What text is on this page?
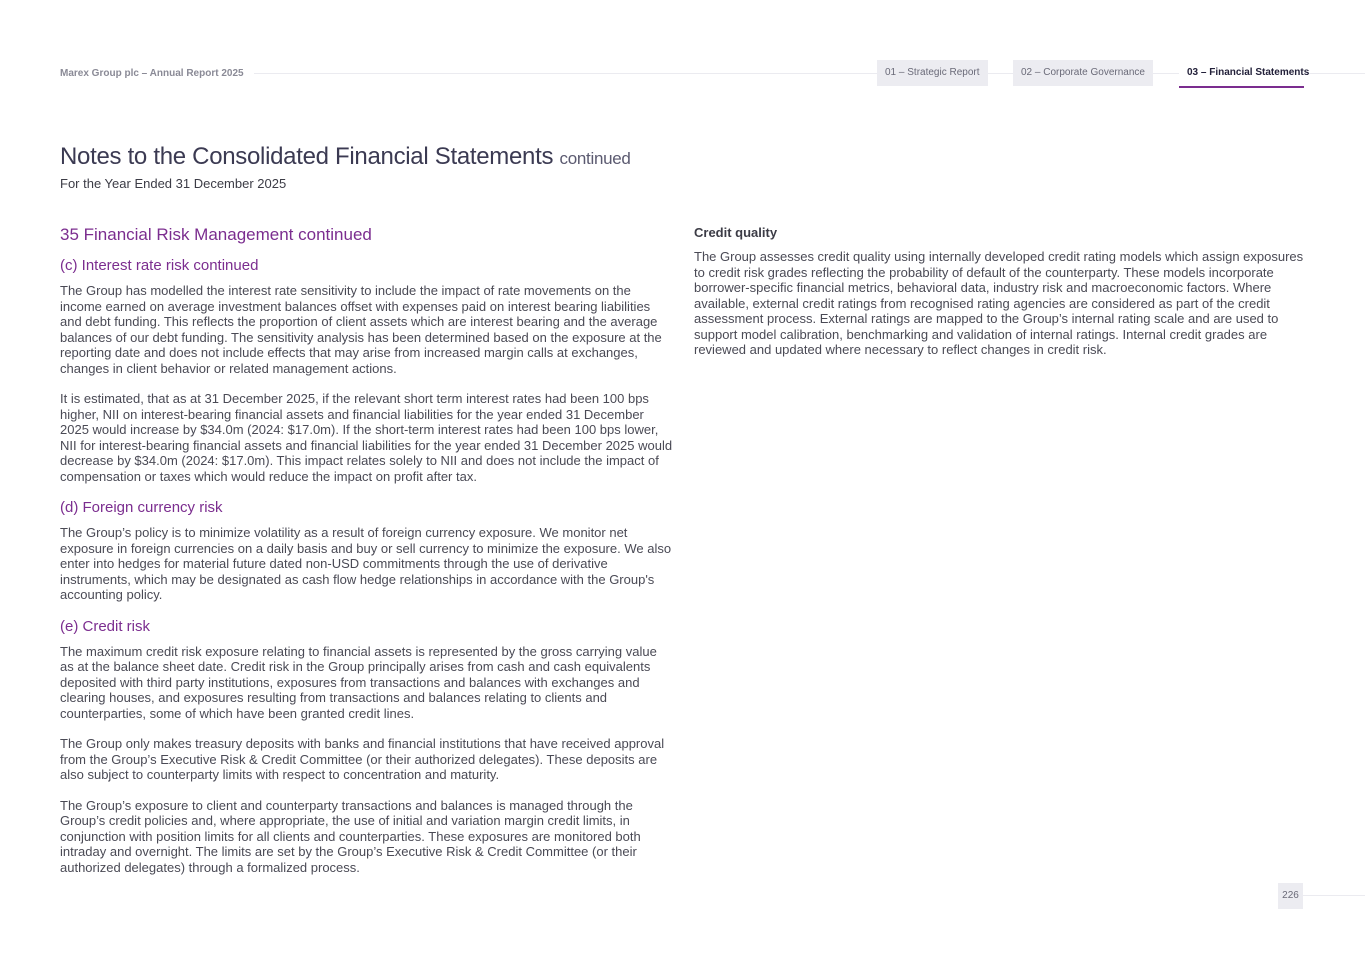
Marex Group plc – Annual Report 2025	01 – Strategic Report	02 – Corporate Governance	03 – Financial Statements
Notes to the Consolidated Financial Statements continued
For the Year Ended 31 December 2025
35 Financial Risk Management continued
(c) Interest rate risk continued

The Group has modelled the interest rate sensitivity to include the impact of rate movements on the income earned on average investment balances offset with expenses paid on interest bearing liabilities and debt funding. This reflects the proportion of client assets which are interest bearing and the average balances of our debt funding. The sensitivity analysis has been determined based on the exposure at the reporting date and does not include effects that may arise from increased margin calls at exchanges, changes in client behavior or related management actions.

It is estimated, that as at 31 December 2025, if the relevant short term interest rates had been 100 bps higher, NII on interest-bearing financial assets and financial liabilities for the year ended 31 December 2025 would increase by $34.0m (2024: $17.0m). If the short-term interest rates had been 100 bps lower, NII for interest-bearing financial assets and financial liabilities for the year ended 31 December 2025 would decrease by $34.0m (2024: $17.0m). This impact relates solely to NII and does not include the impact of compensation or taxes which would reduce the impact on profit after tax.

(d) Foreign currency risk

The Group’s policy is to minimize volatility as a result of foreign currency exposure. We monitor net exposure in foreign currencies on a daily basis and buy or sell currency to minimize the exposure. We also enter into hedges for material future dated non-USD commitments through the use of derivative instruments, which may be designated as cash flow hedge relationships in accordance with the Group's accounting policy.

(e) Credit risk

The maximum credit risk exposure relating to financial assets is represented by the gross carrying value as at the balance sheet date. Credit risk in the Group principally arises from cash and cash equivalents deposited with third party institutions, exposures from transactions and balances with exchanges and clearing houses, and exposures resulting from transactions and balances relating to clients and counterparties, some of which have been granted credit lines.

The Group only makes treasury deposits with banks and financial institutions that have received approval from the Group’s Executive Risk & Credit Committee (or their authorized delegates). These deposits are also subject to counterparty limits with respect to concentration and maturity.

The Group’s exposure to client and counterparty transactions and balances is managed through the Group’s credit policies and, where appropriate, the use of initial and variation margin credit limits, in conjunction with position limits for all clients and counterparties. These exposures are monitored both intraday and overnight. The limits are set by the Group’s Executive Risk & Credit Committee (or their authorized delegates) through a formalized process.

Credit quality

The Group assesses credit quality using internally developed credit rating models which assign exposures to credit risk grades reflecting the probability of default of the counterparty. These models incorporate borrower-specific financial metrics, behavioral data, industry risk and macroeconomic factors. Where available, external credit ratings from recognised rating agencies are considered as part of the credit assessment process. External ratings are mapped to the Group’s internal rating scale and are used to support model calibration, benchmarking and validation of internal ratings. Internal credit grades are reviewed and updated where necessary to reflect changes in credit risk.

226
